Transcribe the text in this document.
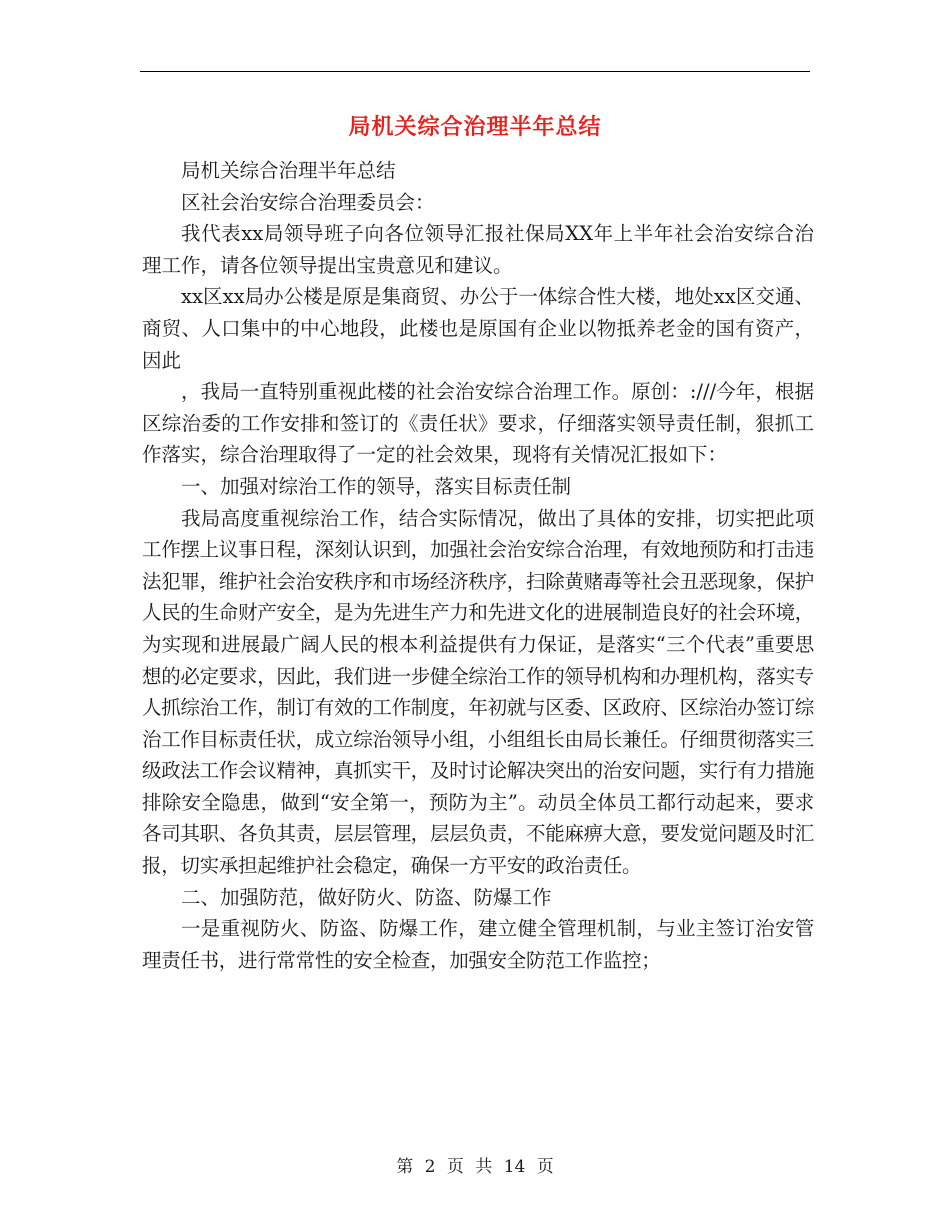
局机关综合治理半年总结

局机关综合治理半年总结

区社会治安综合治理委员会：

我代表xx局领导班子向各位领导汇报社保局XX年上半年社会治安综合治理工作，请各位领导提出宝贵意见和建议。

xx区xx局办公楼是原是集商贸、办公于一体综合性大楼，地处xx区交通、商贸、人口集中的中心地段，此楼也是原国有企业以物抵养老金的国有资产，因此

，我局一直特别重视此楼的社会治安综合治理工作。原创：:///今年，根据区综治委的工作安排和签订的《责任状》要求，仔细落实领导责任制，狠抓工作落实，综合治理取得了一定的社会效果，现将有关情况汇报如下：

一、加强对综治工作的领导，落实目标责任制

我局高度重视综治工作，结合实际情况，做出了具体的安排，切实把此项工作摆上议事日程，深刻认识到，加强社会治安综合治理，有效地预防和打击违法犯罪，维护社会治安秩序和市场经济秩序，扫除黄赌毒等社会丑恶现象，保护人民的生命财产安全，是为先进生产力和先进文化的进展制造良好的社会环境，为实现和进展最广阔人民的根本利益提供有力保证，是落实“三个代表”重要思想的必定要求，因此，我们进一步健全综治工作的领导机构和办理机构，落实专人抓综治工作，制订有效的工作制度，年初就与区委、区政府、区综治办签订综治工作目标责任状，成立综治领导小组，小组组长由局长兼任。仔细贯彻落实三级政法工作会议精神，真抓实干，及时讨论解决突出的治安问题，实行有力措施排除安全隐患，做到“安全第一，预防为主”。动员全体员工都行动起来，要求各司其职、各负其责，层层管理，层层负责，不能麻痹大意，要发觉问题及时汇报，切实承担起维护社会稳定，确保一方平安的政治责任。

二、加强防范，做好防火、防盗、防爆工作

一是重视防火、防盗、防爆工作，建立健全管理机制，与业主签订治安管理责任书，进行常常性的安全检查，加强安全防范工作监控；

第 2 页 共 14 页
